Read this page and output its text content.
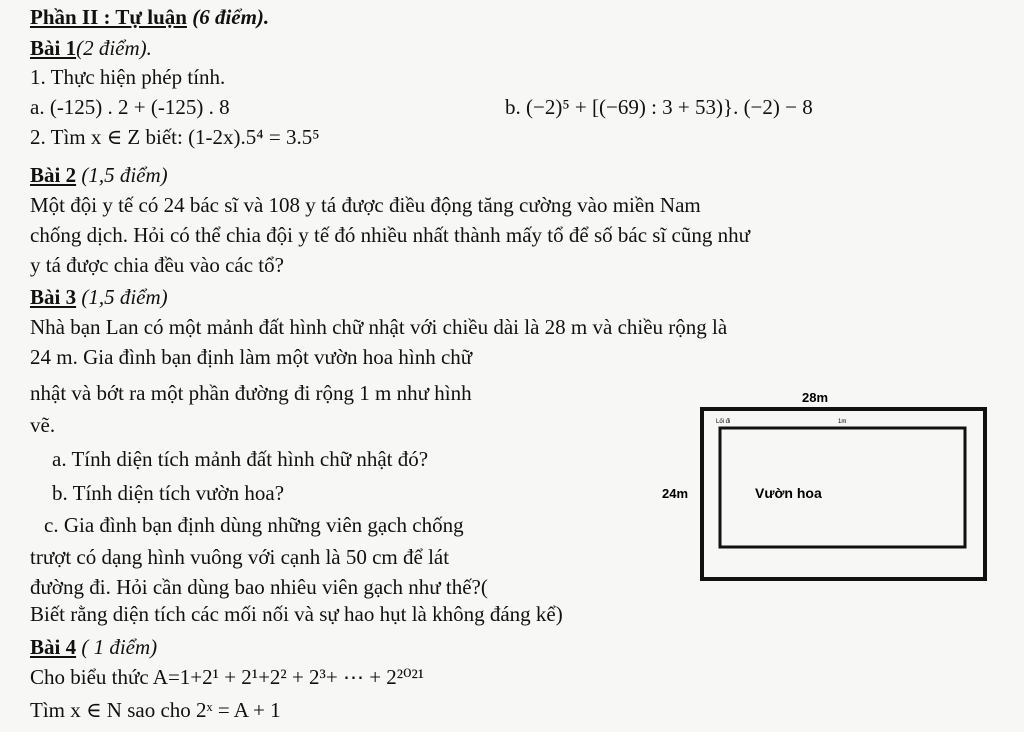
Phần II : Tự luận (6 điểm).
Bài 1(2 điểm).
1. Thực hiện phép tính.
a. (-125) . 2 + (-125) . 8	b. (−2)⁵ + [(−69) : 3 + 53)}. (−2) − 8
2. Tìm x ∈ Z biết: (1-2x).5⁴ = 3.5⁵
Bài 2 (1,5 điểm)
Một đội y tế có 24 bác sĩ và 108 y tá được điều động tăng cường vào miền Nam
chống dịch. Hỏi có thể chia đội y tế đó nhiều nhất thành mấy tổ để số bác sĩ cũng như
y tá được chia đều vào các tổ?
Bài 3 (1,5 điểm)
Nhà bạn Lan có một mảnh đất hình chữ nhật với chiều dài là 28 m và chiều rộng là
24 m. Gia đình bạn định làm một vườn hoa hình chữ
nhật và bớt ra một phần đường đi rộng 1 m như hình
vẽ.
a. Tính diện tích mảnh đất hình chữ nhật đó?
b. Tính diện tích vườn hoa?
c. Gia đình bạn định dùng những viên gạch chống
trượt có dạng hình vuông với cạnh là 50 cm để lát
đường đi. Hỏi cần dùng bao nhiêu viên gạch như thế?(
Biết rằng diện tích các mối nối và sự hao hụt là không đáng kể)
28m
Lối đi	1m
24m	Vườn hoa
Bài 4 ( 1 điểm)
Cho biểu thức A=1+2¹ + 2¹+2² + 2³+ ⋯ + 2²⁰²¹
Tìm x ∈ N sao cho 2ˣ = A + 1
